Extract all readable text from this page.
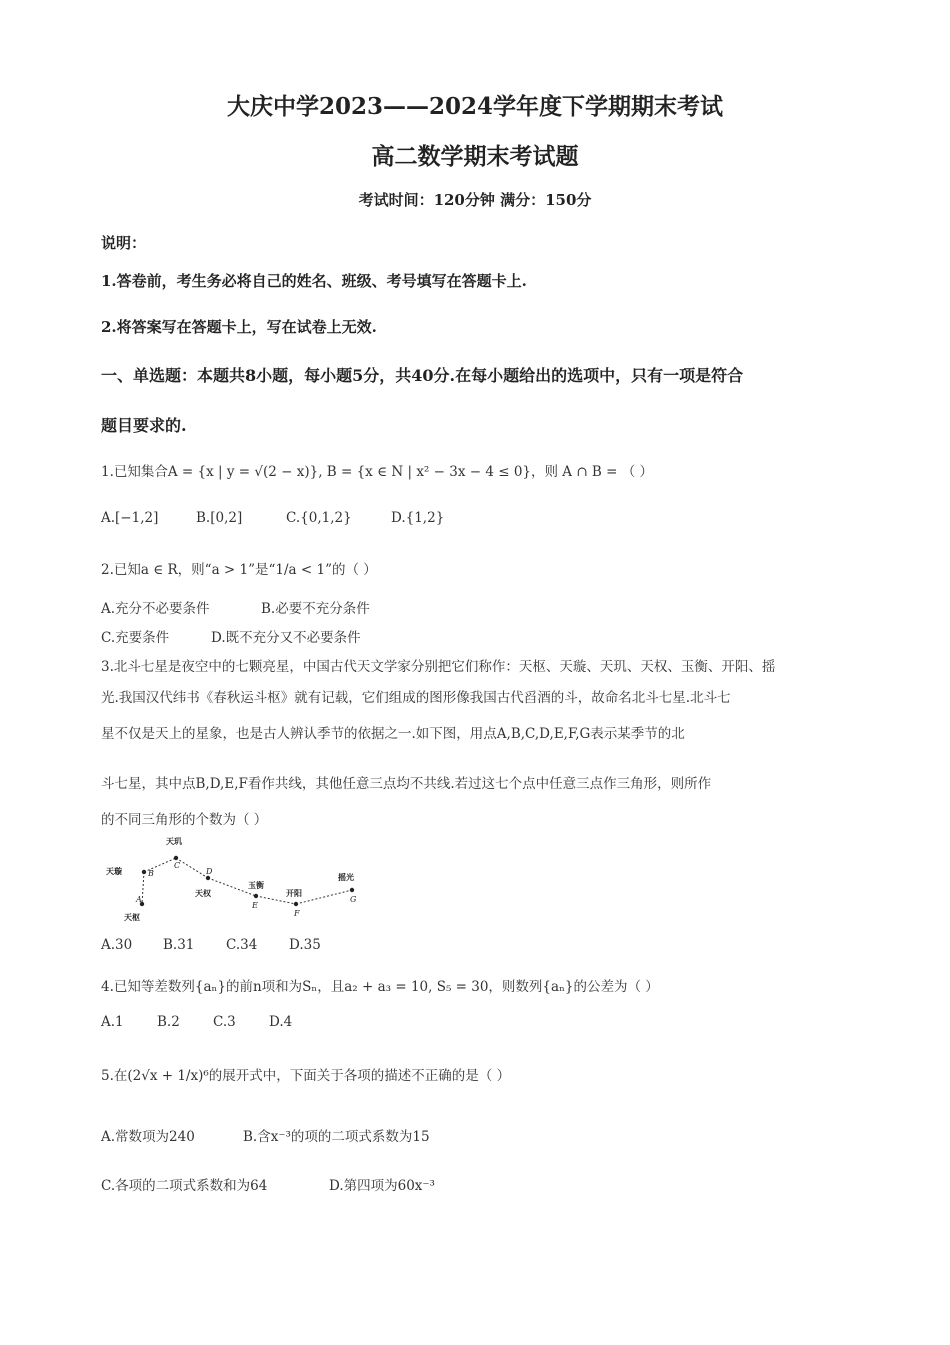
大庆中学2023——2024学年度下学期期末考试
高二数学期末考试题
考试时间：120分钟 满分：150分
说明：
1.答卷前，考生务必将自己的姓名、班级、考号填写在答题卡上.
2.将答案写在答题卡上，写在试卷上无效.
一、单选题：本题共8小题，每小题5分，共40分.在每小题给出的选项中，只有一项是符合
题目要求的.
1.已知集合A = {x | y = √(2 − x)}, B = {x ∈ N | x² − 3x − 4 ≤ 0}，则 A ∩ B = （ ）
A.[−1,2]	B.[0,2]	C.{0,1,2}	D.{1,2}
2.已知a ∈ R，则“a > 1”是“1/a < 1”的（ ）
A.充分不必要条件	B.必要不充分条件
C.充要条件	D.既不充分又不必要条件
3.北斗七星是夜空中的七颗亮星，中国古代天文学家分别把它们称作：天枢、天璇、天玑、天权、玉衡、开阳、摇
光.我国汉代纬书《春秋运斗枢》就有记载，它们组成的图形像我国古代舀酒的斗，故命名北斗七星.北斗七
星不仅是天上的星象，也是古人辨认季节的依据之一.如下图，用点A,B,C,D,E,F,G表示某季节的北
斗七星，其中点B,D,E,F看作共线，其他任意三点均不共线.若过这七个点中任意三点作三角形，则所作
的不同三角形的个数为（ ）
天璇
天玑
天枢
天权
玉衡
开阳
摇光
A
B
C
D
E
F
G
A.30 B.31 C.34 D.35
4.已知等差数列{aₙ}的前n项和为Sₙ，且a₂ + a₃ = 10, S₅ = 30，则数列{aₙ}的公差为（ ）
A.1 B.2 C.3 D.4
5.在(2√x + 1/x)⁶的展开式中，下面关于各项的描述不正确的是（ ）
A.常数项为240	B.含x⁻³的项的二项式系数为15
C.各项的二项式系数和为64	D.第四项为60x⁻³
